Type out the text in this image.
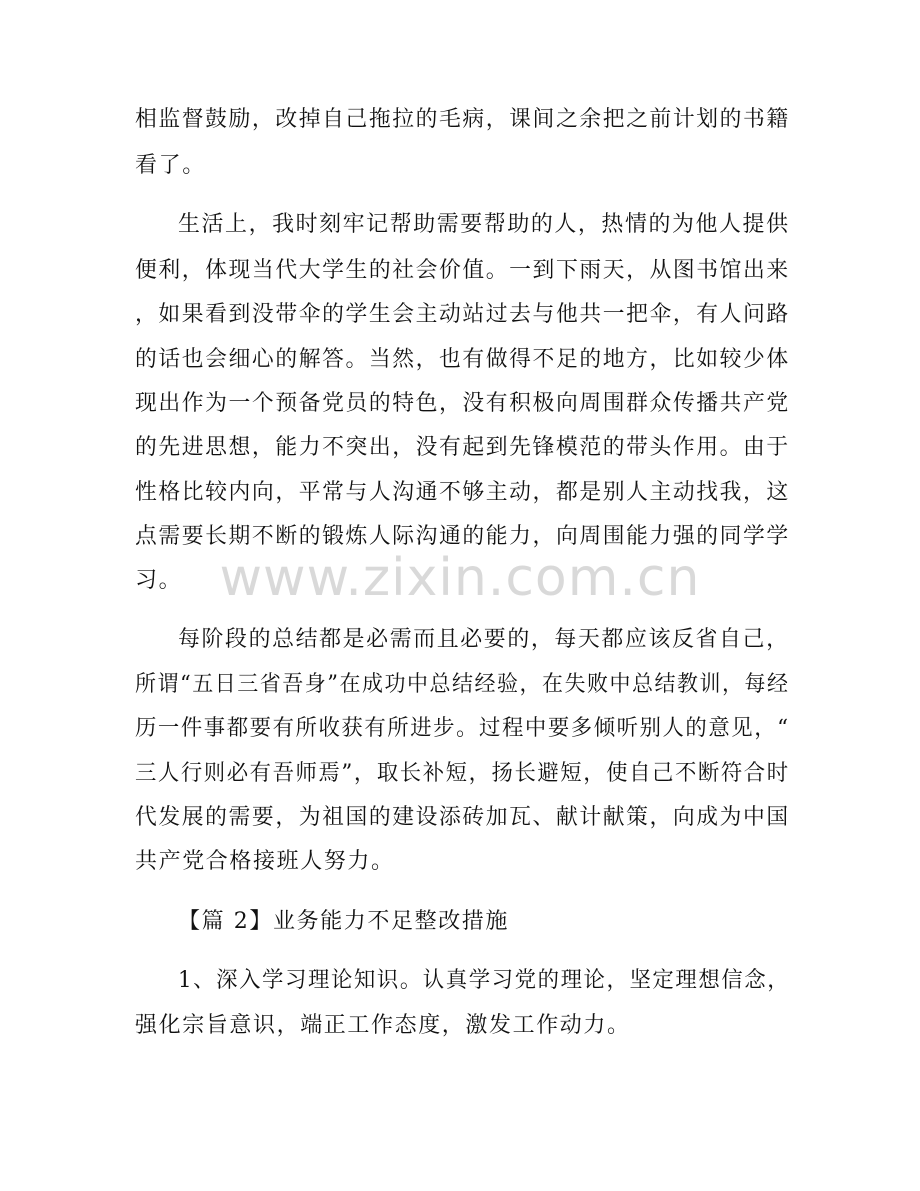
www.zixin.com.cn
相监督鼓励，改掉自己拖拉的毛病，课间之余把之前计划的书籍
看了。
生活上，我时刻牢记帮助需要帮助的人，热情的为他人提供
便利，体现当代大学生的社会价值。一到下雨天，从图书馆出来
，如果看到没带伞的学生会主动站过去与他共一把伞，有人问路
的话也会细心的解答。当然，也有做得不足的地方，比如较少体
现出作为一个预备党员的特色，没有积极向周围群众传播共产党
的先进思想，能力不突出，没有起到先锋模范的带头作用。由于
性格比较内向，平常与人沟通不够主动，都是别人主动找我，这
点需要长期不断的锻炼人际沟通的能力，向周围能力强的同学学
习。
每阶段的总结都是必需而且必要的，每天都应该反省自己，
所谓“五日三省吾身”在成功中总结经验，在失败中总结教训，每经
历一件事都要有所收获有所进步。过程中要多倾听别人的意见，“
三人行则必有吾师焉”，取长补短，扬长避短，使自己不断符合时
代发展的需要，为祖国的建设添砖加瓦、献计献策，向成为中国
共产党合格接班人努力。
【篇 2】业务能力不足整改措施
1、深入学习理论知识。认真学习党的理论，坚定理想信念，
强化宗旨意识，端正工作态度，激发工作动力。
